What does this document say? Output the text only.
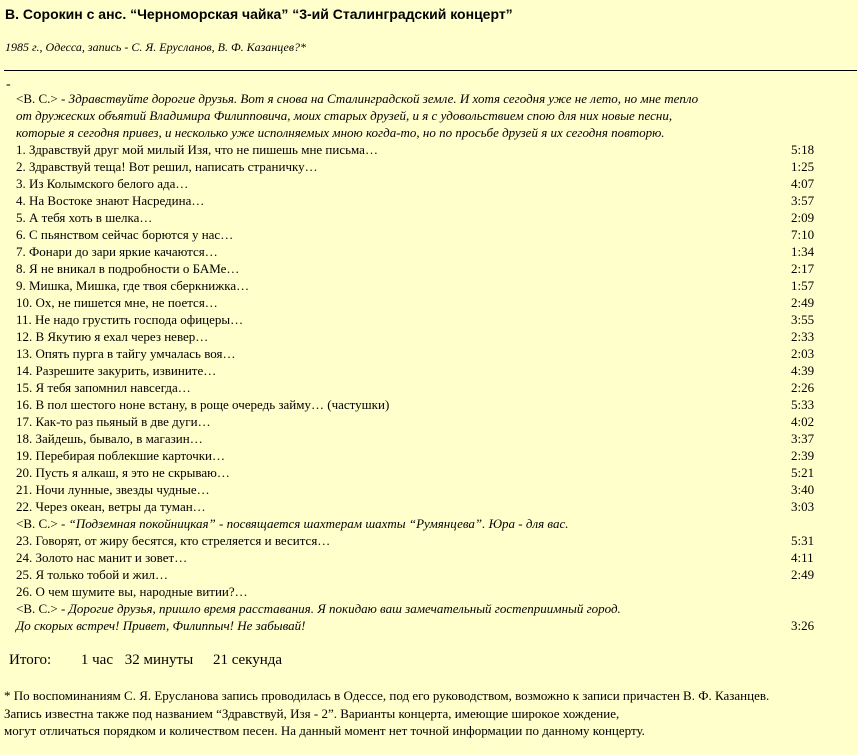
В. Сорокин с анс. “Черноморская чайка” “3-ий Сталинградский концерт”
1985 г., Одесса, запись - С. Я. Ерусланов, В. Ф. Казанцев?*
-
<В. С.> - Здравствуйте дорогие друзья. Вот я снова на Сталинградской земле. И хотя сегодня уже не лето, но мне тепло
от дружеских объятий Владимира Филипповича, моих старых друзей, и я с удовольствием спою для них новые песни,
которые я сегодня привез, и несколько уже исполняемых мною когда-то, но по просьбе друзей я их сегодня повторю.
1. Здравствуй друг мой милый Изя, что не пишешь мне письма…	5:18
2. Здравствуй теща! Вот решил, написать страничку…	1:25
3. Из Колымского белого ада…	4:07
4. На Востоке знают Насредина…	3:57
5. А тебя хоть в шелка…	2:09
6. С пьянством сейчас борются у нас…	7:10
7. Фонари до зари яркие качаются…	1:34
8. Я не вникал в подробности о БАМе…	2:17
9. Мишка, Мишка, где твоя сберкнижка…	1:57
10. Ох, не пишется мне, не поется…	2:49
11. Не надо грустить господа офицеры…	3:55
12. В Якутию я ехал через невер…	2:33
13. Опять пурга в тайгу умчалась воя…	2:03
14. Разрешите закурить, извините…	4:39
15. Я тебя запомнил навсегда…	2:26
16. В пол шестого ноне встану, в роще очередь займу… (частушки)	5:33
17. Как-то раз пьяный в две дуги…	4:02
18. Зайдешь, бывало, в магазин…	3:37
19. Перебирая поблекшие карточки…	2:39
20. Пусть я алкаш, я это не скрываю…	5:21
21. Ночи лунные, звезды чудные…	3:40
22. Через океан, ветры да туман…	3:03
<В. С.> - “Подземная покойницкая” - посвящается шахтерам шахты “Румянцева”. Юра - для вас.
23. Говорят, от жиру бесятся, кто стреляется и весится…	5:31
24. Золото нас манит и зовет…	4:11
25. Я только тобой и жил…	2:49
26. О чем шумите вы, народные витии?…
<В. С.> - Дорогие друзья, пришло время расставания. Я покидаю ваш замечательный гостеприимный город.
До скорых встреч! Привет, Филиппыч! Не забывай!	3:26
Итого: 1 час 32 минуты 21 секунда
* По воспоминаниям С. Я. Ерусланова запись проводилась в Одессе, под его руководством, возможно к записи причастен В. Ф. Казанцев.
Запись известна также под названием “Здравствуй, Изя - 2”. Варианты концерта, имеющие широкое хождение,
могут отличаться порядком и количеством песен. На данный момент нет точной информации по данному концерту.
